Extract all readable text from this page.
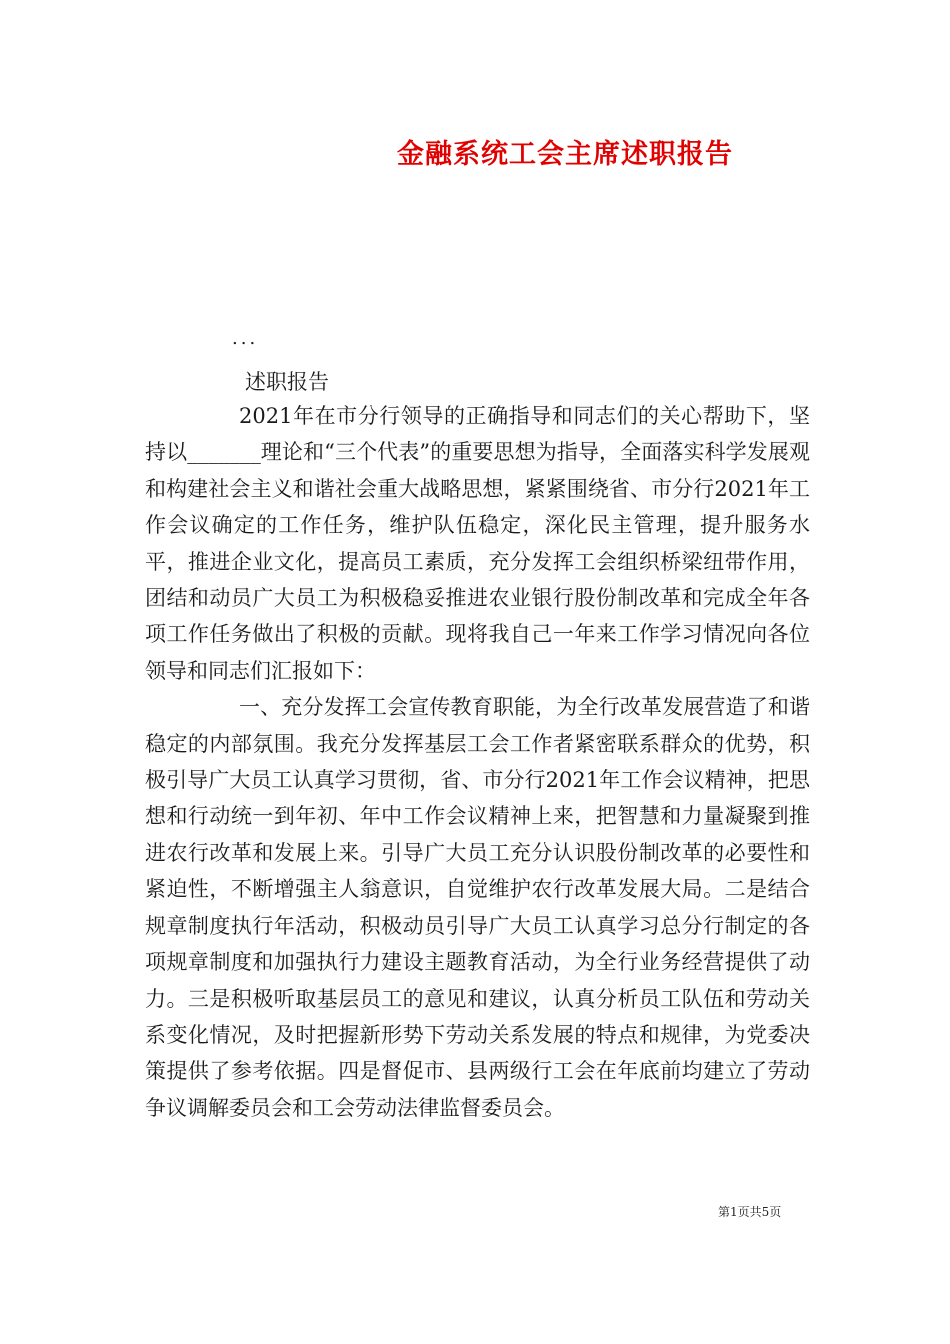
金融系统工会主席述职报告
...
述职报告

2021年在市分行领导的正确指导和同志们的关心帮助下，坚持以_______理论和“三个代表”的重要思想为指导，全面落实科学发展观和构建社会主义和谐社会重大战略思想，紧紧围绕省、市分行2021年工作会议确定的工作任务，维护队伍稳定，深化民主管理，提升服务水平，推进企业文化，提高员工素质，充分发挥工会组织桥梁纽带作用，团结和动员广大员工为积极稳妥推进农业银行股份制改革和完成全年各项工作任务做出了积极的贡献。现将我自己一年来工作学习情况向各位领导和同志们汇报如下：

一、充分发挥工会宣传教育职能，为全行改革发展营造了和谐稳定的内部氛围。我充分发挥基层工会工作者紧密联系群众的优势，积极引导广大员工认真学习贯彻，省、市分行2021年工作会议精神，把思想和行动统一到年初、年中工作会议精神上来，把智慧和力量凝聚到推进农行改革和发展上来。引导广大员工充分认识股份制改革的必要性和紧迫性，不断增强主人翁意识，自觉维护农行改革发展大局。二是结合规章制度执行年活动，积极动员引导广大员工认真学习总分行制定的各项规章制度和加强执行力建设主题教育活动，为全行业务经营提供了动力。三是积极听取基层员工的意见和建议，认真分析员工队伍和劳动关系变化情况，及时把握新形势下劳动关系发展的特点和规律，为党委决策提供了参考依据。四是督促市、县两级行工会在年底前均建立了劳动争议调解委员会和工会劳动法律监督委员会。

第1页共5页
